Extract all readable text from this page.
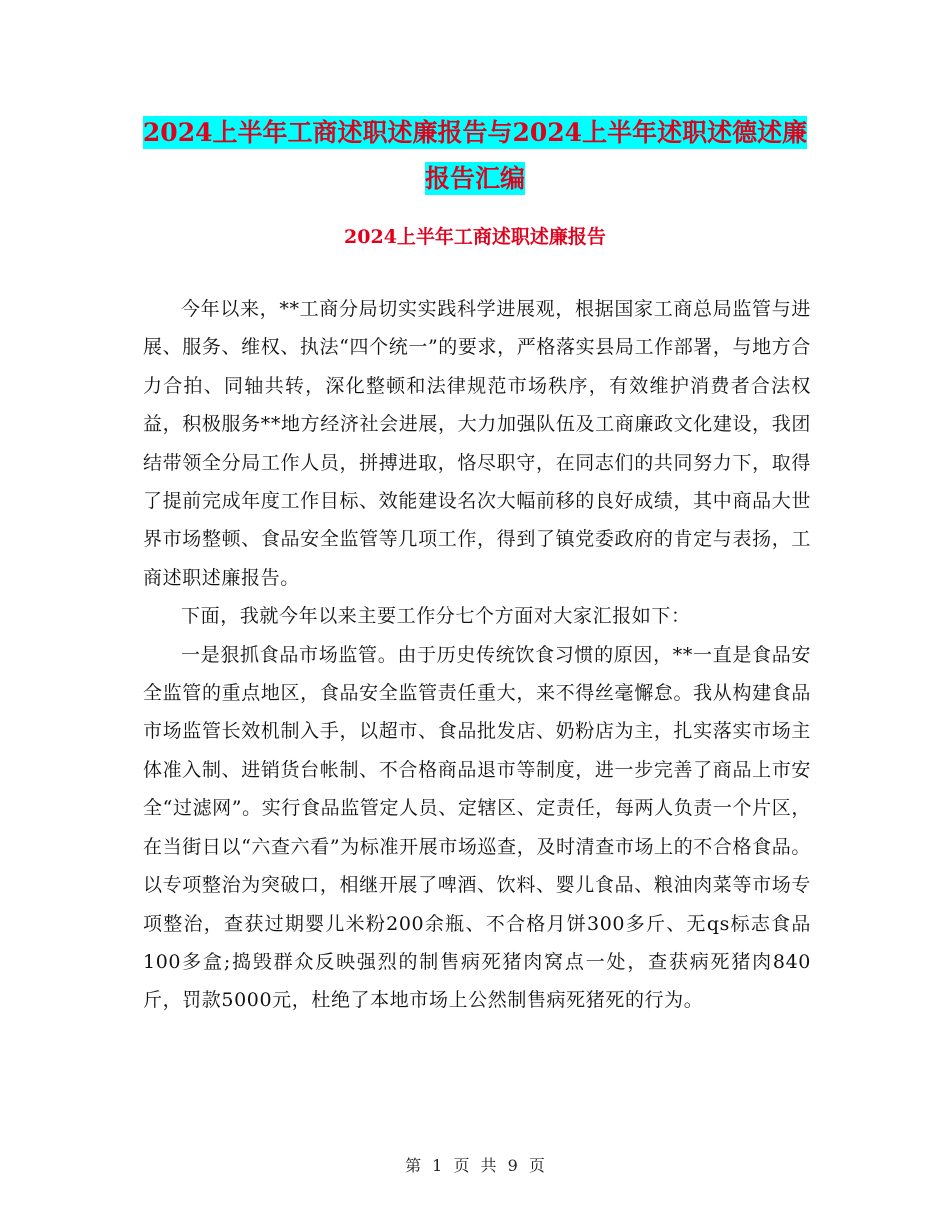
2024上半年工商述职述廉报告与2024上半年述职述德述廉报告汇编
2024上半年工商述职述廉报告

今年以来，**工商分局切实实践科学进展观，根据国家工商总局监管与进展、服务、维权、执法“四个统一”的要求，严格落实县局工作部署，与地方合力合拍、同轴共转，深化整顿和法律规范市场秩序，有效维护消费者合法权益，积极服务**地方经济社会进展，大力加强队伍及工商廉政文化建设，我团结带领全分局工作人员，拼搏进取，恪尽职守，在同志们的共同努力下，取得了提前完成年度工作目标、效能建设名次大幅前移的良好成绩，其中商品大世界市场整顿、食品安全监管等几项工作，得到了镇党委政府的肯定与表扬，工商述职述廉报告。

下面，我就今年以来主要工作分七个方面对大家汇报如下：

一是狠抓食品市场监管。由于历史传统饮食习惯的原因，**一直是食品安全监管的重点地区，食品安全监管责任重大，来不得丝毫懈怠。我从构建食品市场监管长效机制入手，以超市、食品批发店、奶粉店为主，扎实落实市场主体准入制、进销货台帐制、不合格商品退市等制度，进一步完善了商品上市安全“过滤网”。实行食品监管定人员、定辖区、定责任，每两人负责一个片区，在当街日以“六查六看”为标准开展市场巡查，及时清查市场上的不合格食品。以专项整治为突破口，相继开展了啤酒、饮料、婴儿食品、粮油肉菜等市场专项整治，查获过期婴儿米粉200余瓶、不合格月饼300多斤、无qs标志食品100多盒;捣毁群众反映强烈的制售病死猪肉窝点一处，查获病死猪肉840斤，罚款5000元，杜绝了本地市场上公然制售病死猪死的行为。

第 1 页 共 9 页
